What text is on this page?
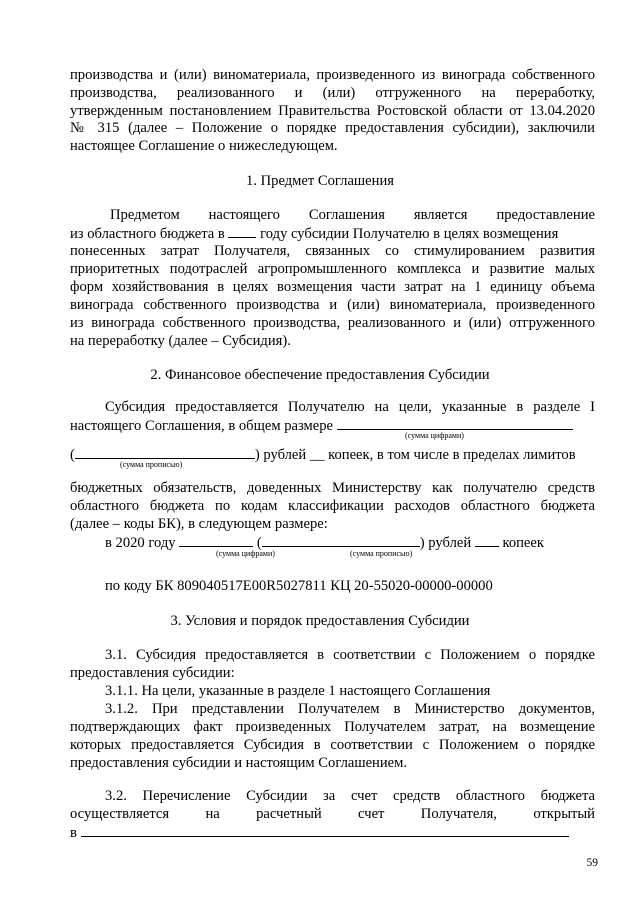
производства и (или) виноматериала, произведенного из винограда собственного
производства, реализованного и (или) отгруженного на переработку,
утвержденным постановлением Правительства Ростовской области от 13.04.2020
№ 315 (далее – Положение о порядке предоставления субсидии), заключили
настоящее Соглашение о нижеследующем.
1. Предмет Соглашения
Предметом настоящего Соглашения является предоставление
из областного бюджета в году субсидии Получателю в целях возмещения
понесенных затрат Получателя, связанных со стимулированием развития
приоритетных подотраслей агропромышленного комплекса и развитие малых
форм хозяйствования в целях возмещения части затрат на 1 единицу объема
винограда собственного производства и (или) виноматериала, произведенного
из винограда собственного производства, реализованного и (или) отгруженного
на переработку (далее – Субсидия).
2. Финансовое обеспечение предоставления Субсидии
Субсидия предоставляется Получателю на цели, указанные в разделе I
настоящего Соглашения, в общем размере
(сумма цифрами)
(	) рублей __ копеек, в том числе в пределах лимитов
(сумма прописью)
бюджетных обязательств, доведенных Министерству как получателю средств
областного бюджета по кодам классификации расходов областного бюджета
(далее – коды БК), в следующем размере:
в 2020 году	(	) рублей копеек
(сумма цифрами)	(сумма прописью)
по коду БК 809040517Е00R5027811 КЦ 20-55020-00000-00000
3. Условия и порядок предоставления Субсидии
3.1. Субсидия предоставляется в соответствии с Положением о порядке
предоставления субсидии:
3.1.1. На цели, указанные в разделе 1 настоящего Соглашения
3.1.2. При представлении Получателем в Министерство документов,
подтверждающих факт произведенных Получателем затрат, на возмещение
которых предоставляется Субсидия в соответствии с Положением о порядке
предоставления субсидии и настоящим Соглашением.
3.2. Перечисление Субсидии за счет средств областного бюджета
осуществляется на расчетный счет Получателя, открытый
в
59
